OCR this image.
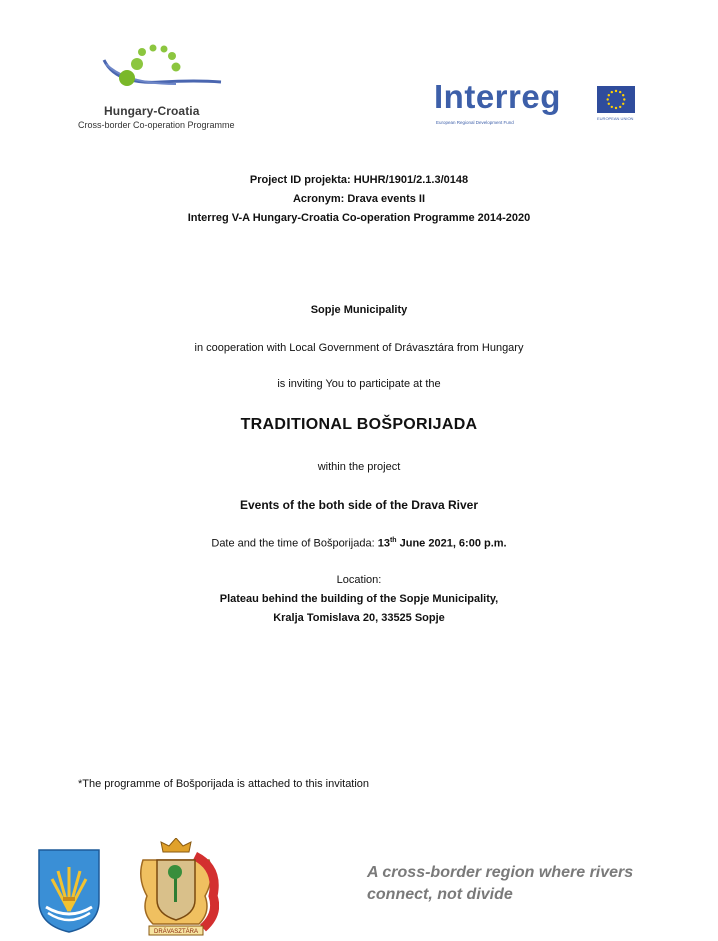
Hungary-Croatia
Cross-border Co-operation Programme
Interreg
European Regional Development Fund
EUROPEAN UNION
Project ID projekta: HUHR/1901/2.1.3/0148
Acronym: Drava events II
Interreg V-A Hungary-Croatia Co-operation Programme 2014-2020
Sopje Municipality
in cooperation with Local Government of Drávasztára from Hungary
is inviting You to participate at the
TRADITIONAL BOŠPORIJADA
within the project
Events of the both side of the Drava River
Date and the time of Bošporijada: 13th June 2021, 6:00 p.m.
Location:
Plateau behind the building of the Sopje Municipality,
Kralja Tomislava 20, 33525 Sopje
*The programme of Bošporijada is attached to this invitation
DRÁVASZTÁRA
A cross-border region where rivers
connect, not divide
